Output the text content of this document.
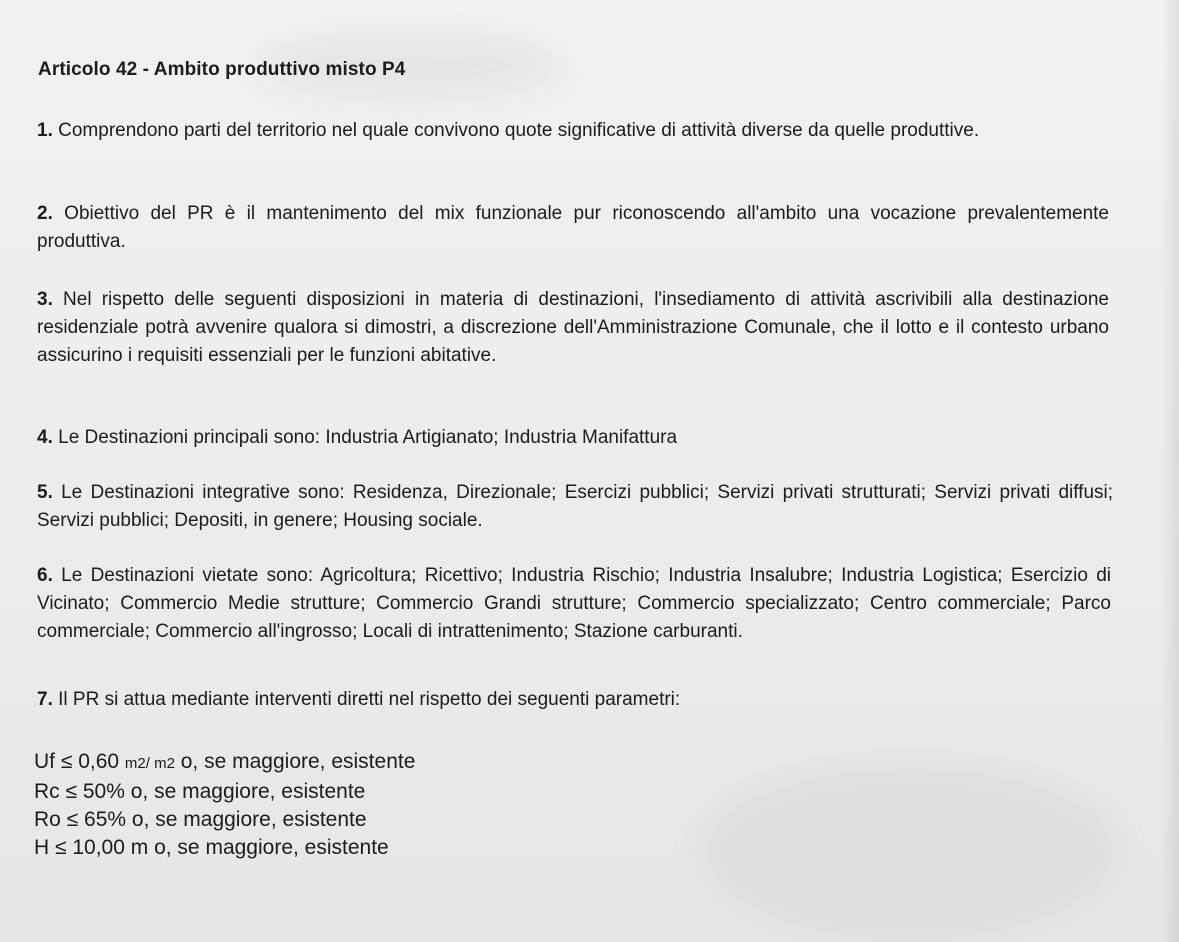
Articolo 42 - Ambito produttivo misto P4
1. Comprendono parti del territorio nel quale convivono quote significative di attività diverse da quelle produttive.
2. Obiettivo del PR è il mantenimento del mix funzionale pur riconoscendo all'ambito una vocazione prevalentemente produttiva.
3. Nel rispetto delle seguenti disposizioni in materia di destinazioni, l'insediamento di attività ascrivibili alla destinazione residenziale potrà avvenire qualora si dimostri, a discrezione dell'Amministrazione Comunale, che il lotto e il contesto urbano assicurino i requisiti essenziali per le funzioni abitative.
4. Le Destinazioni principali sono: Industria Artigianato; Industria Manifattura
5. Le Destinazioni integrative sono: Residenza, Direzionale; Esercizi pubblici; Servizi privati strutturati; Servizi privati diffusi; Servizi pubblici; Depositi, in genere; Housing sociale.
6. Le Destinazioni vietate sono: Agricoltura; Ricettivo; Industria Rischio; Industria Insalubre; Industria Logistica; Esercizio di Vicinato; Commercio Medie strutture; Commercio Grandi strutture; Commercio specializzato; Centro commerciale; Parco commerciale; Commercio all'ingrosso; Locali di intrattenimento; Stazione carburanti.
7. Il PR si attua mediante interventi diretti nel rispetto dei seguenti parametri:
Uf ≤ 0,60 m2/ m2 o, se maggiore, esistente
Rc ≤ 50% o, se maggiore, esistente
Ro ≤ 65% o, se maggiore, esistente
H ≤ 10,00 m o, se maggiore, esistente
